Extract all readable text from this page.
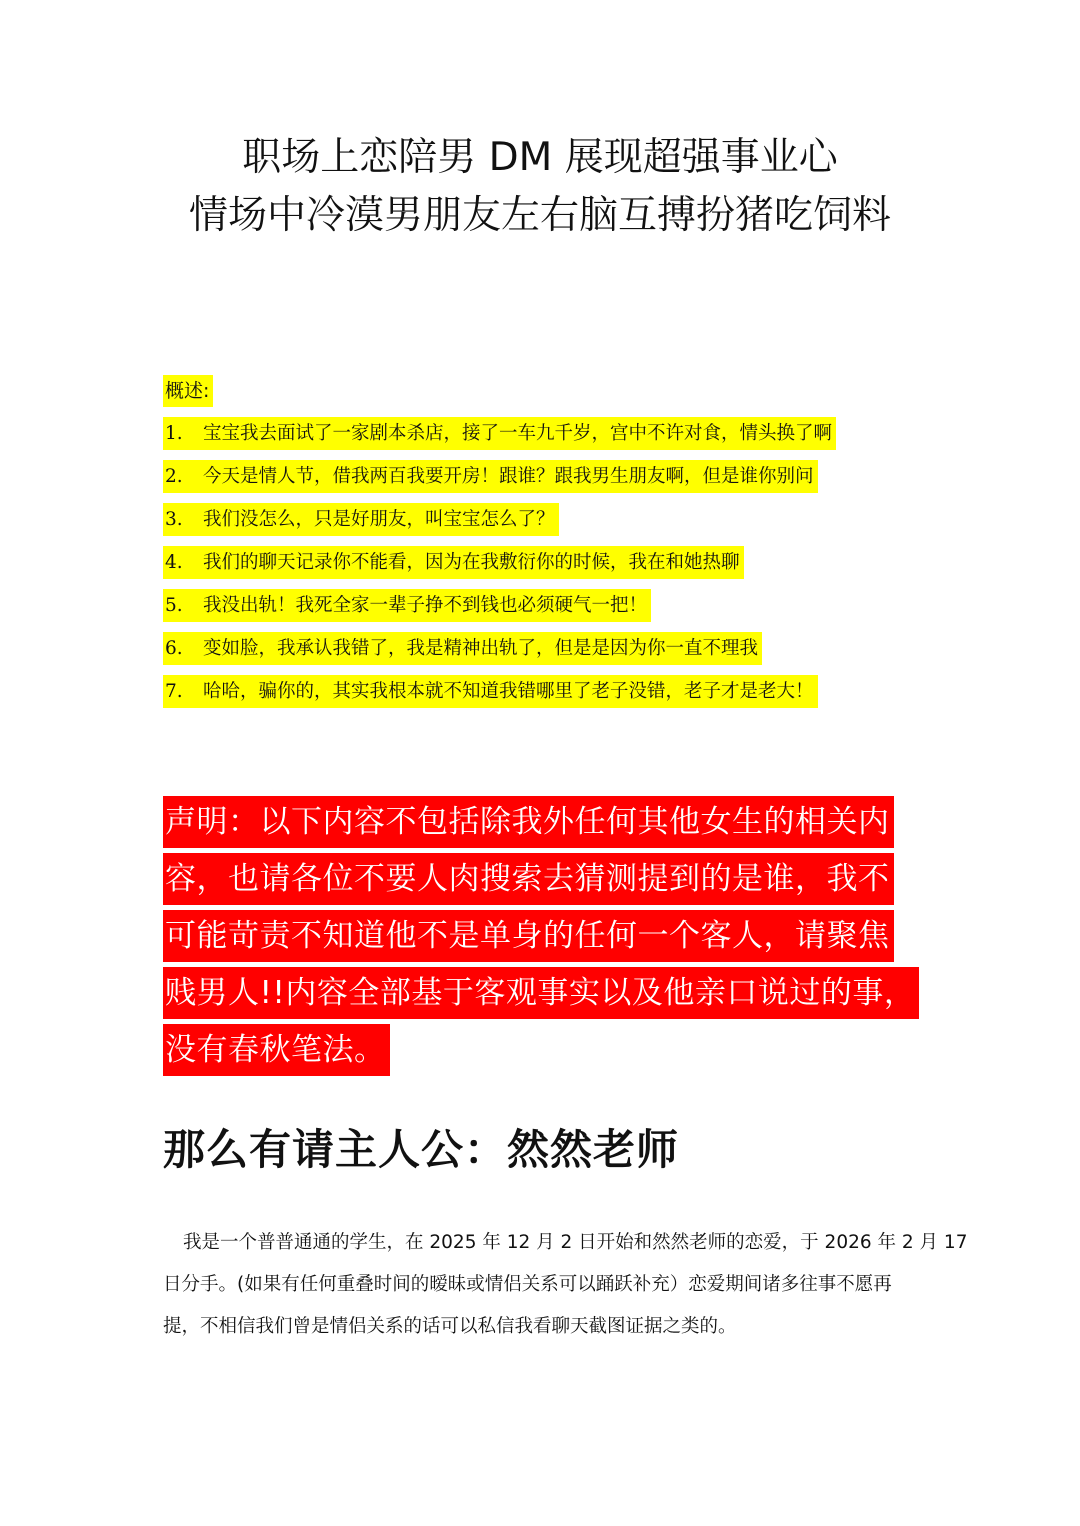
职场上恋陪男 DM 展现超强事业心
情场中冷漠男朋友左右脑互搏扮猪吃饲料
概述:
1. 宝宝我去面试了一家剧本杀店，接了一车九千岁，宫中不许对食，情头换了啊
2. 今天是情人节，借我两百我要开房！跟谁？跟我男生朋友啊，但是谁你别问
3. 我们没怎么，只是好朋友，叫宝宝怎么了？
4. 我们的聊天记录你不能看，因为在我敷衍你的时候，我在和她热聊
5. 我没出轨！我死全家一辈子挣不到钱也必须硬气一把！
6. 变如脸，我承认我错了，我是精神出轨了，但是是因为你一直不理我
7. 哈哈，骗你的，其实我根本就不知道我错哪里了老子没错，老子才是老大！
声明：以下内容不包括除我外任何其他女生的相关内
容，也请各位不要人肉搜索去猜测提到的是谁，我不
可能苛责不知道他不是单身的任何一个客人，请聚焦
贱男人!!内容全部基于客观事实以及他亲口说过的事，
没有春秋笔法。
那么有请主人公：然然老师
我是一个普普通通的学生，在 2025 年 12 月 2 日开始和然然老师的恋爱，于 2026 年 2 月 17
日分手。(如果有任何重叠时间的暧昧或情侣关系可以踊跃补充）恋爱期间诸多往事不愿再
提，不相信我们曾是情侣关系的话可以私信我看聊天截图证据之类的。
